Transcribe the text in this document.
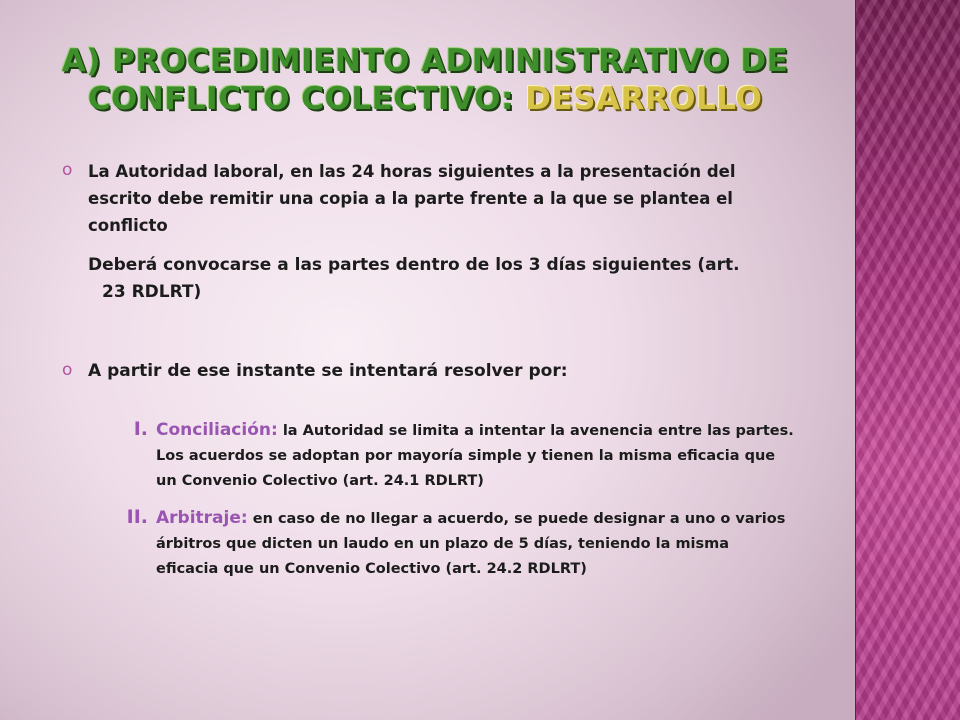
A) PROCEDIMIENTO ADMINISTRATIVO DE CONFLICTO COLECTIVO: DESARROLLO
o La Autoridad laboral, en las 24 horas siguientes a la presentación del escrito debe remitir una copia a la parte frente a la que se plantea el conflicto
Deberá convocarse a las partes dentro de los 3 días siguientes (art.
23 RDLRT)
o A partir de ese instante se intentará resolver por:
I. Conciliación: la Autoridad se limita a intentar la avenencia entre las partes. Los acuerdos se adoptan por mayoría simple y tienen la misma eficacia que un Convenio Colectivo (art. 24.1 RDLRT)
II. Arbitraje: en caso de no llegar a acuerdo, se puede designar a uno o varios árbitros que dicten un laudo en un plazo de 5 días, teniendo la misma eficacia que un Convenio Colectivo (art. 24.2 RDLRT)
